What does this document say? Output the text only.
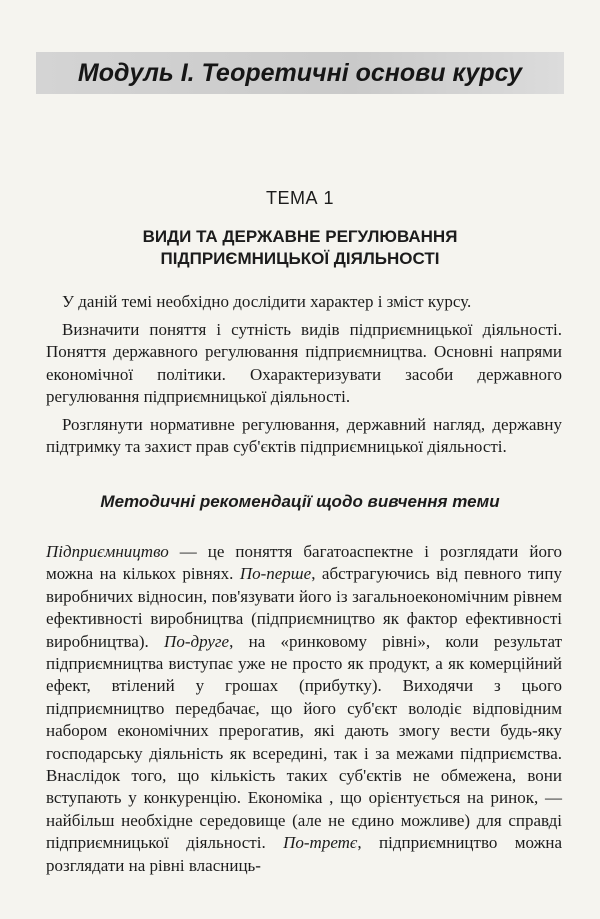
Модуль I. Теоретичні основи курсу
ТЕМА 1
ВИДИ ТА ДЕРЖАВНЕ РЕГУЛЮВАННЯ
ПІДПРИЄМНИЦЬКОЇ ДІЯЛЬНОСТІ

У даній темі необхідно дослідити характер і зміст курсу.

Визначити поняття і сутність видів підприємницької діяльності. Поняття державного регулювання підприємництва. Основні напрями економічної політики. Охарактеризувати засоби державного регулювання підприємницької діяльності.

Розглянути нормативне регулювання, державний нагляд, державну підтримку та захист прав суб'єктів підприємницької діяльності.

Методичні рекомендації щодо вивчення теми

Підприємництво — це поняття багатоаспектне і розглядати його можна на кількох рівнях. По-перше, абстрагуючись від певного типу виробничих відносин, пов'язувати його із загальноекономічним рівнем ефективності виробництва (підприємництво як фактор ефективності виробництва). По-друге, на «ринковому рівні», коли результат підприємництва виступає уже не просто як продукт, а як комерційний ефект, втілений у грошах (прибутку). Виходячи з цього підприємництво передбачає, що його суб'єкт володіє відповідним набором економічних прерогатив, які дають змогу вести будь-яку господарську діяльність як всередині, так і за межами підприємства. Внаслідок того, що кількість таких суб'єктів не обмежена, вони вступають у конкуренцію. Економіка , що орієнтується на ринок, — найбільш необхідне середовище (але не єдино можливе) для справді підприємницької діяльності. По-третє, підприємництво можна розглядати на рівні власниць-
